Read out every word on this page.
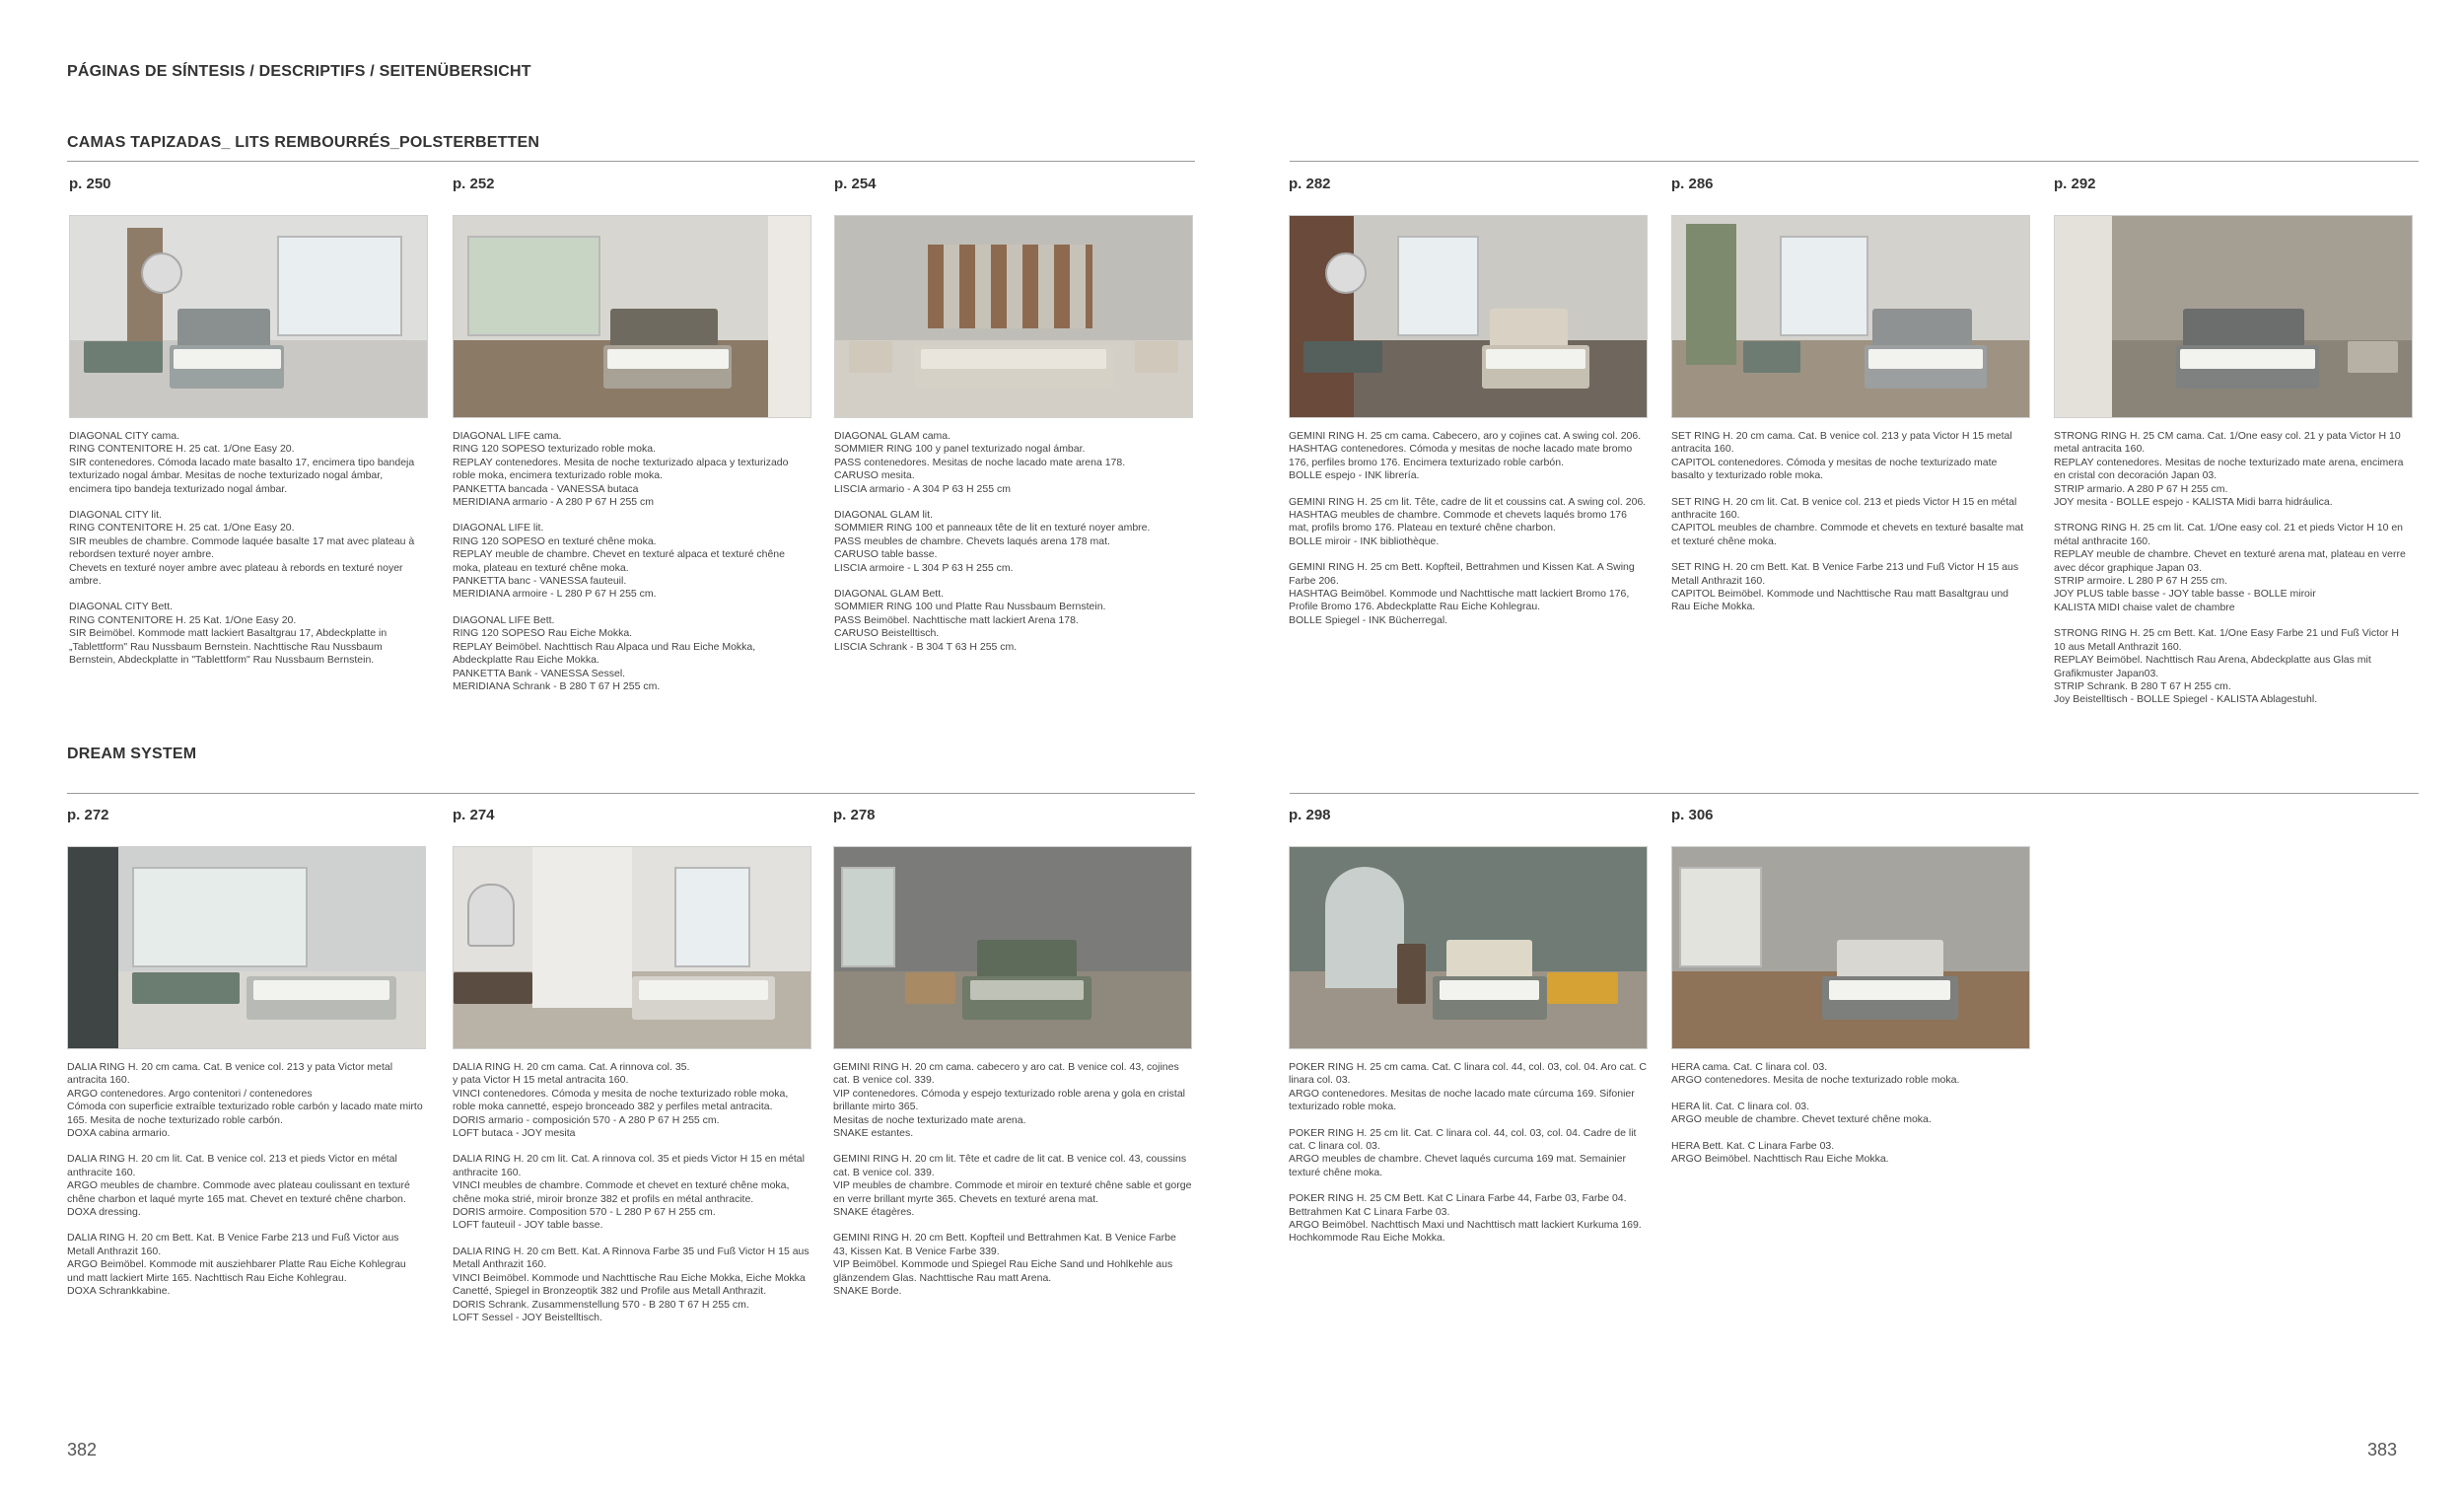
PÁGINAS DE SÍNTESIS / DESCRIPTIFS / SEITENÜBERSICHT
CAMAS TAPIZADAS_ LITS REMBOURRÉS_POLSTERBETTEN
DREAM SYSTEM
p. 250

DIAGONAL CITY cama.
RING CONTENITORE H. 25 cat. 1/One Easy 20.
SIR contenedores. Cómoda lacado mate basalto 17, encimera tipo bandeja texturizado nogal ámbar. Mesitas de noche texturizado nogal ámbar, encimera tipo bandeja texturizado nogal ámbar.

DIAGONAL CITY lit.
RING CONTENITORE H. 25 cat. 1/One Easy 20.
SIR meubles de chambre. Commode laquée basalte 17 mat avec plateau à rebordsen texturé noyer ambre.
Chevets en texturé noyer ambre avec plateau à rebords en texturé noyer ambre.

DIAGONAL CITY Bett.
RING CONTENITORE H. 25 Kat. 1/One Easy 20.
SIR Beimöbel. Kommode matt lackiert Basaltgrau 17, Abdeckplatte in „Tablettform" Rau Nussbaum Bernstein. Nachttische Rau Nussbaum Bernstein, Abdeckplatte in "Tablettform" Rau Nussbaum Bernstein.

p. 252

DIAGONAL LIFE cama.
RING 120 SOPESO texturizado roble moka.
REPLAY contenedores. Mesita de noche texturizado alpaca y texturizado roble moka, encimera texturizado roble moka.
PANKETTA bancada - VANESSA butaca
MERIDIANA armario - A 280 P 67 H 255 cm

DIAGONAL LIFE lit.
RING 120 SOPESO en texturé chêne moka.
REPLAY meuble de chambre. Chevet en texturé alpaca et texturé chêne moka, plateau en texturé chêne moka.
PANKETTA banc - VANESSA fauteuil.
MERIDIANA armoire - L 280 P 67 H 255 cm.

DIAGONAL LIFE Bett.
RING 120 SOPESO Rau Eiche Mokka.
REPLAY Beimöbel. Nachttisch Rau Alpaca und Rau Eiche Mokka, Abdeckplatte Rau Eiche Mokka.
PANKETTA Bank - VANESSA Sessel.
MERIDIANA Schrank - B 280 T 67 H 255 cm.

p. 254

DIAGONAL GLAM cama.
SOMMIER RING 100 y panel texturizado nogal ámbar.
PASS contenedores. Mesitas de noche lacado mate arena 178.
CARUSO mesita.
LISCIA armario - A 304 P 63 H 255 cm

DIAGONAL GLAM lit.
SOMMIER RING 100 et panneaux tête de lit en texturé noyer ambre.
PASS meubles de chambre. Chevets laqués arena 178 mat.
CARUSO table basse.
LISCIA armoire - L 304 P 63 H 255 cm.

DIAGONAL GLAM Bett.
SOMMIER RING 100 und Platte Rau Nussbaum Bernstein.
PASS Beimöbel. Nachttische matt lackiert Arena 178.
CARUSO Beistelltisch.
LISCIA Schrank - B 304 T 63 H 255 cm.

p. 282

GEMINI RING H. 25 cm cama. Cabecero, aro y cojines cat. A swing col. 206.
HASHTAG contenedores. Cómoda y mesitas de noche lacado mate bromo 176, perfiles bromo 176. Encimera texturizado roble carbón.
BOLLE espejo - INK librería.

GEMINI RING H. 25 cm lit. Tête, cadre de lit et coussins cat. A swing col. 206.
HASHTAG meubles de chambre. Commode et chevets laqués bromo 176 mat, profils bromo 176. Plateau en texturé chêne charbon.
BOLLE miroir - INK bibliothèque.

GEMINI RING H. 25 cm Bett. Kopfteil, Bettrahmen und Kissen Kat. A Swing Farbe 206.
HASHTAG Beimöbel. Kommode und Nachttische matt lackiert Bromo 176, Profile Bromo 176. Abdeckplatte Rau Eiche Kohlegrau.
BOLLE Spiegel - INK Bücherregal.

p. 286

SET RING H. 20 cm cama. Cat. B venice col. 213 y pata Victor H 15 metal antracita 160.
CAPITOL contenedores. Cómoda y mesitas de noche texturizado mate basalto y texturizado roble moka.

SET RING H. 20 cm lit. Cat. B venice col. 213 et pieds Victor H 15 en métal anthracite 160.
CAPITOL meubles de chambre. Commode et chevets en texturé basalte mat et texturé chêne moka.

SET RING H. 20 cm Bett. Kat. B Venice Farbe 213 und Fuß Victor H 15 aus Metall Anthrazit 160.
CAPITOL Beimöbel. Kommode und Nachttische Rau matt Basaltgrau und Rau Eiche Mokka.

p. 292

STRONG RING H. 25 CM cama. Cat. 1/One easy col. 21 y pata Victor H 10 metal antracita 160.
REPLAY contenedores. Mesitas de noche texturizado mate arena, encimera en cristal con decoración Japan 03.
STRIP armario. A 280 P 67 H 255 cm.
JOY mesita - BOLLE espejo - KALISTA Midi barra hidráulica.

STRONG RING H. 25 cm lit. Cat. 1/One easy col. 21 et pieds Victor H 10 en métal anthracite 160.
REPLAY meuble de chambre. Chevet en texturé arena mat, plateau en verre avec décor graphique Japan 03.
STRIP armoire. L 280 P 67 H 255 cm.
JOY PLUS table basse - JOY table basse - BOLLE miroir
KALISTA MIDI chaise valet de chambre

STRONG RING H. 25 cm Bett. Kat. 1/One Easy Farbe 21 und Fuß Victor H 10 aus Metall Anthrazit 160.
REPLAY Beimöbel. Nachttisch Rau Arena, Abdeckplatte aus Glas mit Grafikmuster Japan03.
STRIP Schrank. B 280 T 67 H 255 cm.
Joy Beistelltisch - BOLLE Spiegel - KALISTA Ablagestuhl.

p. 272

DALIA RING H. 20 cm cama. Cat. B venice col. 213 y pata Victor metal antracita 160.
ARGO contenedores. Argo contenitori / contenedores
Cómoda con superficie extraíble texturizado roble carbón y lacado mate mirto 165. Mesita de noche texturizado roble carbón.
DOXA cabina armario.

DALIA RING H. 20 cm lit. Cat. B venice col. 213 et pieds Victor en métal anthracite 160.
ARGO meubles de chambre. Commode avec plateau coulissant en texturé chêne charbon et laqué myrte 165 mat. Chevet en texturé chêne charbon.
DOXA dressing.

DALIA RING H. 20 cm Bett. Kat. B Venice Farbe 213 und Fuß Victor aus Metall Anthrazit 160.
ARGO Beimöbel. Kommode mit ausziehbarer Platte Rau Eiche Kohlegrau und matt lackiert Mirte 165. Nachttisch Rau Eiche Kohlegrau.
DOXA Schrankkabine.

p. 274

DALIA RING H. 20 cm cama. Cat. A rinnova col. 35.
y pata Victor H 15 metal antracita 160.
VINCI contenedores. Cómoda y mesita de noche texturizado roble moka, roble moka cannetté, espejo bronceado 382 y perfiles metal antracita.
DORIS armario - composición 570 - A 280 P 67 H 255 cm.
LOFT butaca - JOY mesita

DALIA RING H. 20 cm lit. Cat. A rinnova col. 35 et pieds Victor H 15 en métal anthracite 160.
VINCI meubles de chambre. Commode et chevet en texturé chêne moka, chêne moka strié, miroir bronze 382 et profils en métal anthracite.
DORIS armoire. Composition 570 - L 280 P 67 H 255 cm.
LOFT fauteuil - JOY table basse.

DALIA RING H. 20 cm Bett. Kat. A Rinnova Farbe 35 und Fuß Victor H 15 aus Metall Anthrazit 160.
VINCI Beimöbel. Kommode und Nachttische Rau Eiche Mokka, Eiche Mokka Canetté, Spiegel in Bronzeoptik 382 und Profile aus Metall Anthrazit.
DORIS Schrank. Zusammenstellung 570 - B 280 T 67 H 255 cm.
LOFT Sessel - JOY Beistelltisch.

p. 278

GEMINI RING H. 20 cm cama. cabecero y aro cat. B venice col. 43, cojines cat. B venice col. 339.
VIP contenedores. Cómoda y espejo texturizado roble arena y gola en cristal brillante mirto 365.
Mesitas de noche texturizado mate arena.
SNAKE estantes.

GEMINI RING H. 20 cm lit. Tête et cadre de lit cat. B venice col. 43, coussins cat. B venice col. 339.
VIP meubles de chambre. Commode et miroir en texturé chêne sable et gorge en verre brillant myrte 365. Chevets en texturé arena mat.
SNAKE étagères.

GEMINI RING H. 20 cm Bett. Kopfteil und Bettrahmen Kat. B Venice Farbe 43, Kissen Kat. B Venice Farbe 339.
VIP Beimöbel. Kommode und Spiegel Rau Eiche Sand und Hohlkehle aus glänzendem Glas. Nachttische Rau matt Arena.
SNAKE Borde.

p. 298

POKER RING H. 25 cm cama. Cat. C linara col. 44, col. 03, col. 04. Aro cat. C linara col. 03.
ARGO contenedores. Mesitas de noche lacado mate cúrcuma 169. Sifonier texturizado roble moka.

POKER RING H. 25 cm lit. Cat. C linara col. 44, col. 03, col. 04. Cadre de lit cat. C linara col. 03.
ARGO meubles de chambre. Chevet laqués curcuma 169 mat. Semainier texturé chêne moka.

POKER RING H. 25 CM Bett. Kat C Linara Farbe 44, Farbe 03, Farbe 04. Bettrahmen Kat C Linara Farbe 03.
ARGO Beimöbel. Nachttisch Maxi und Nachttisch matt lackiert Kurkuma 169. Hochkommode Rau Eiche Mokka.

p. 306

HERA cama. Cat. C linara col. 03.
ARGO contenedores. Mesita de noche texturizado roble moka.

HERA lit. Cat. C linara col. 03.
ARGO meuble de chambre. Chevet texturé chêne moka.

HERA Bett. Kat. C Linara Farbe 03.
ARGO Beimöbel. Nachttisch Rau Eiche Mokka.

382	383
